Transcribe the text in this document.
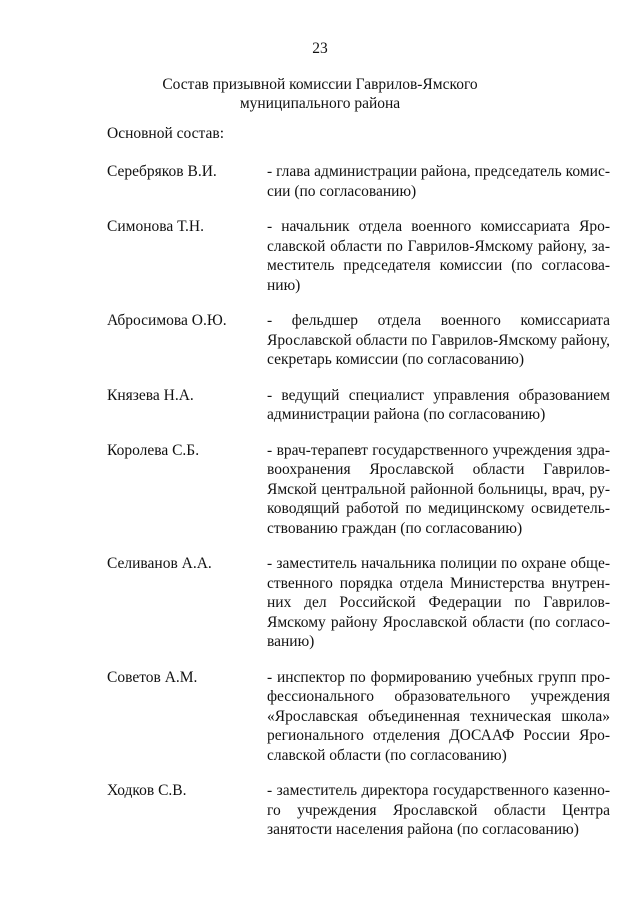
23
Состав призывной комиссии Гаврилов-Ямского
муниципального района
Основной состав:
Серебряков В.И.	- глава администрации района, председатель комиссии (по согласованию)
Симонова Т.Н.	- начальник отдела военного комиссариата Ярославской области по Гаврилов-Ямскому району, заместитель председателя комиссии (по согласованию)
Абросимова О.Ю.	- фельдшер отдела военного комиссариата Ярославской области по Гаврилов-Ямскому району, секретарь комиссии (по согласованию)
Князева Н.А.	- ведущий специалист управления образованием администрации района (по согласованию)
Королева С.Б.	- врач-терапевт государственного учреждения здравоохранения Ярославской области Гаврилов-Ямской центральной районной больницы, врач, руководящий работой по медицинскому освидетельствованию граждан (по согласованию)
Селиванов А.А.	- заместитель начальника полиции по охране общественного порядка отдела Министерства внутренних дел Российской Федерации по Гаврилов-Ямскому району Ярославской области (по согласованию)
Советов А.М.	- инспектор по формированию учебных групп профессионального образовательного учреждения «Ярославская объединенная техническая школа» регионального отделения ДОСААФ России Ярославской области (по согласованию)
Ходков С.В.	- заместитель директора государственного казенного учреждения Ярославской области Центра занятости населения района (по согласованию)
